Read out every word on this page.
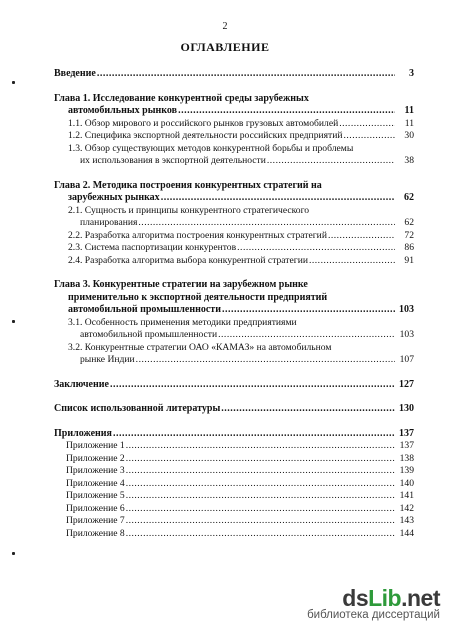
2
ОГЛАВЛЕНИЕ
Введение .....	3
Глава 1. Исследование конкурентной среды зарубежных
автомобильных рынков .....	11
1.1. Обзор мирового и российского рынков грузовых автомобилей .....	11
1.2. Специфика экспортной деятельности российских предприятий .....	30
1.3. Обзор существующих методов конкурентной борьбы и проблемы
их использования в экспортной деятельности .....	38
Глава 2. Методика построения конкурентных стратегий на
зарубежных рынках .....	62
2.1. Сущность и принципы конкурентного стратегического
планирования .....	62
2.2. Разработка алгоритма построения конкурентных стратегий .....	72
2.3. Система паспортизации конкурентов .....	86
2.4. Разработка алгоритма выбора конкурентной стратегии .....	91
Глава 3. Конкурентные стратегии на зарубежном рынке
применительно к экспортной деятельности предприятий
автомобильной промышленности .....	103
3.1. Особенность применения методики предприятиями
автомобильной промышленности .....	103
3.2. Конкурентные стратегии ОАО «КАМАЗ» на автомобильном
рынке Индии .....	107
Заключение .....	127
Список использованной литературы .....	130
Приложения .....	137
Приложение 1 .....	137
Приложение 2 .....	138
Приложение 3 .....	139
Приложение 4 .....	140
Приложение 5 .....	141
Приложение 6 .....	142
Приложение 7 .....	143
Приложение 8 .....	144
dsLib.net
библиотека диссертаций
